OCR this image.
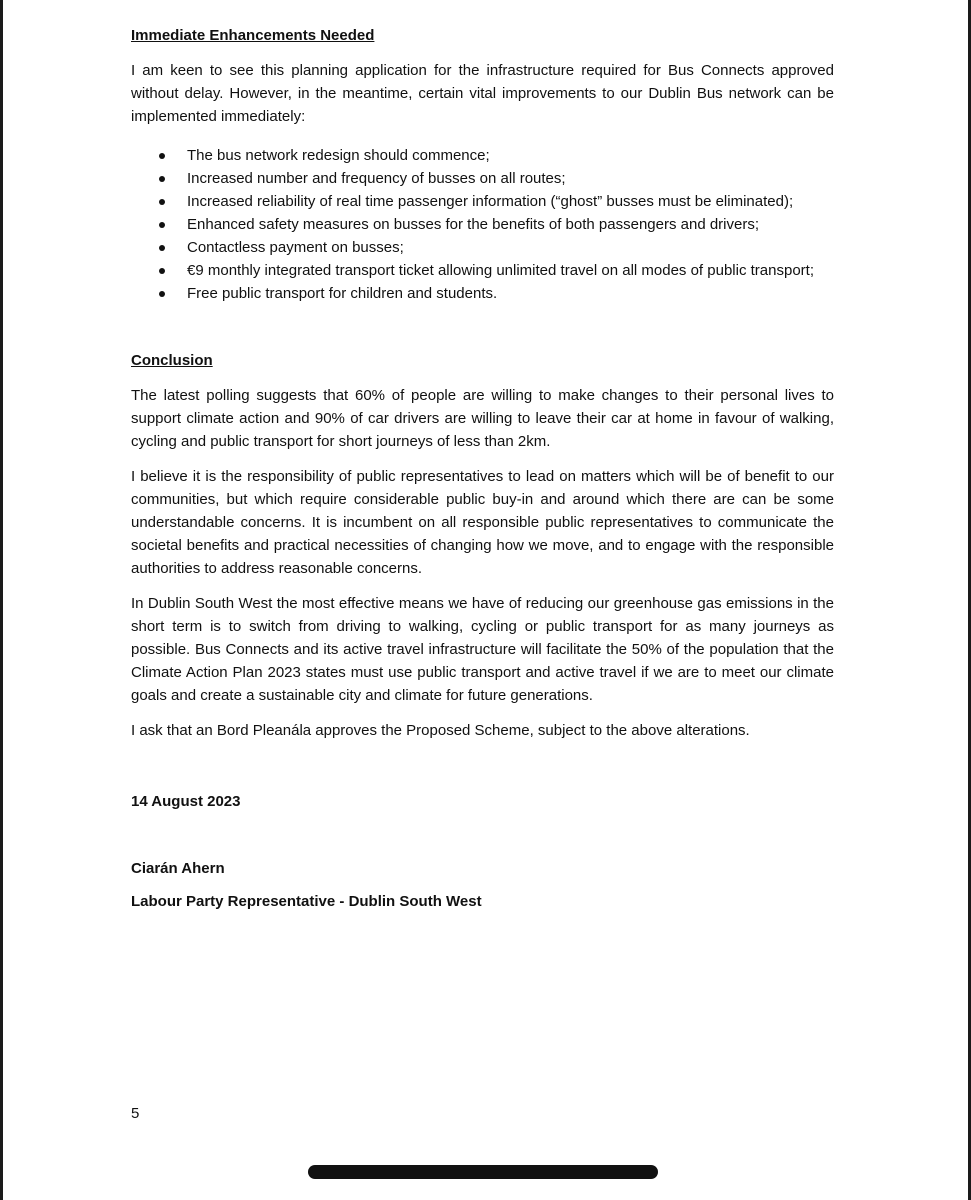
Immediate Enhancements Needed

I am keen to see this planning application for the infrastructure required for Bus Connects approved without delay. However, in the meantime, certain vital improvements to our Dublin Bus network can be implemented immediately:

The bus network redesign should commence;
Increased number and frequency of busses on all routes;
Increased reliability of real time passenger information (“ghost” busses must be eliminated);
Enhanced safety measures on busses for the benefits of both passengers and drivers;
Contactless payment on busses;
€9 monthly integrated transport ticket allowing unlimited travel on all modes of public transport;
Free public transport for children and students.

Conclusion

The latest polling suggests that 60% of people are willing to make changes to their personal lives to support climate action and 90% of car drivers are willing to leave their car at home in favour of walking, cycling and public transport for short journeys of less than 2km.

I believe it is the responsibility of public representatives to lead on matters which will be of benefit to our communities, but which require considerable public buy-in and around which there are can be some understandable concerns. It is incumbent on all responsible public representatives to communicate the societal benefits and practical necessities of changing how we move, and to engage with the responsible authorities to address reasonable concerns.

In Dublin South West the most effective means we have of reducing our greenhouse gas emissions in the short term is to switch from driving to walking, cycling or public transport for as many journeys as possible. Bus Connects and its active travel infrastructure will facilitate the 50% of the population that the Climate Action Plan 2023 states must use public transport and active travel if we are to meet our climate goals and create a sustainable city and climate for future generations.

I ask that an Bord Pleanála approves the Proposed Scheme, subject to the above alterations.

14 August 2023

Ciarán Ahern

Labour Party Representative - Dublin South West

5
